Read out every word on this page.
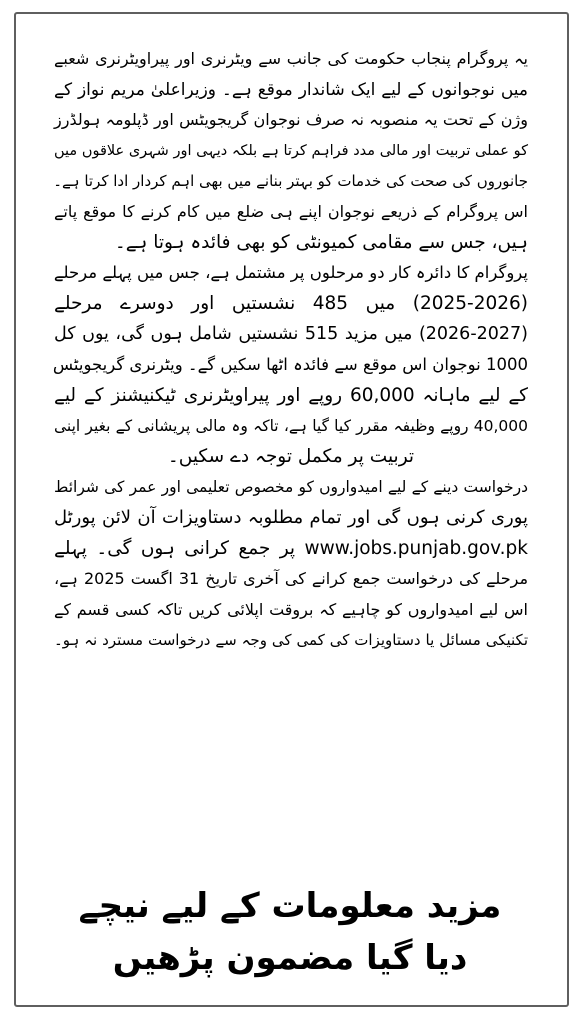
یہ پروگرام پنجاب حکومت کی جانب سے ویٹرنری اور پیراویٹرنری شعبے
میں نوجوانوں کے لیے ایک شاندار موقع ہے۔ وزیراعلیٰ مریم نواز کے
وژن کے تحت یہ منصوبہ نہ صرف نوجوان گریجویٹس اور ڈپلومہ ہولڈرز
کو عملی تربیت اور مالی مدد فراہم کرتا ہے بلکہ دیہی اور شہری علاقوں میں
جانوروں کی صحت کی خدمات کو بہتر بنانے میں بھی اہم کردار ادا کرتا ہے۔
اس پروگرام کے ذریعے نوجوان اپنے ہی ضلع میں کام کرنے کا موقع پاتے
ہیں، جس سے مقامی کمیونٹی کو بھی فائدہ ہوتا ہے۔
پروگرام کا دائرہ کار دو مرحلوں پر مشتمل ہے، جس میں پہلے مرحلے
(2025-2026) میں 485 نشستیں اور دوسرے مرحلے
(2026-2027) میں مزید 515 نشستیں شامل ہوں گی، یوں کل
1000 نوجوان اس موقع سے فائدہ اٹھا سکیں گے۔ ویٹرنری گریجویٹس
کے لیے ماہانہ 60,000 روپے اور پیراویٹرنری ٹیکنیشنز کے لیے
40,000 روپے وظیفہ مقرر کیا گیا ہے، تاکہ وہ مالی پریشانی کے بغیر اپنی
تربیت پر مکمل توجہ دے سکیں۔
درخواست دینے کے لیے امیدواروں کو مخصوص تعلیمی اور عمر کی شرائط
پوری کرنی ہوں گی اور تمام مطلوبہ دستاویزات آن لائن پورٹل
www.jobs.punjab.gov.pk پر جمع کرانی ہوں گی۔ پہلے
مرحلے کی درخواست جمع کرانے کی آخری تاریخ 31 اگست 2025 ہے،
اس لیے امیدواروں کو چاہیے کہ بروقت اپلائی کریں تاکہ کسی قسم کے
تکنیکی مسائل یا دستاویزات کی کمی کی وجہ سے درخواست مسترد نہ ہو۔
مزید معلومات کے لیے نیچے
دیا گیا مضمون پڑھیں
